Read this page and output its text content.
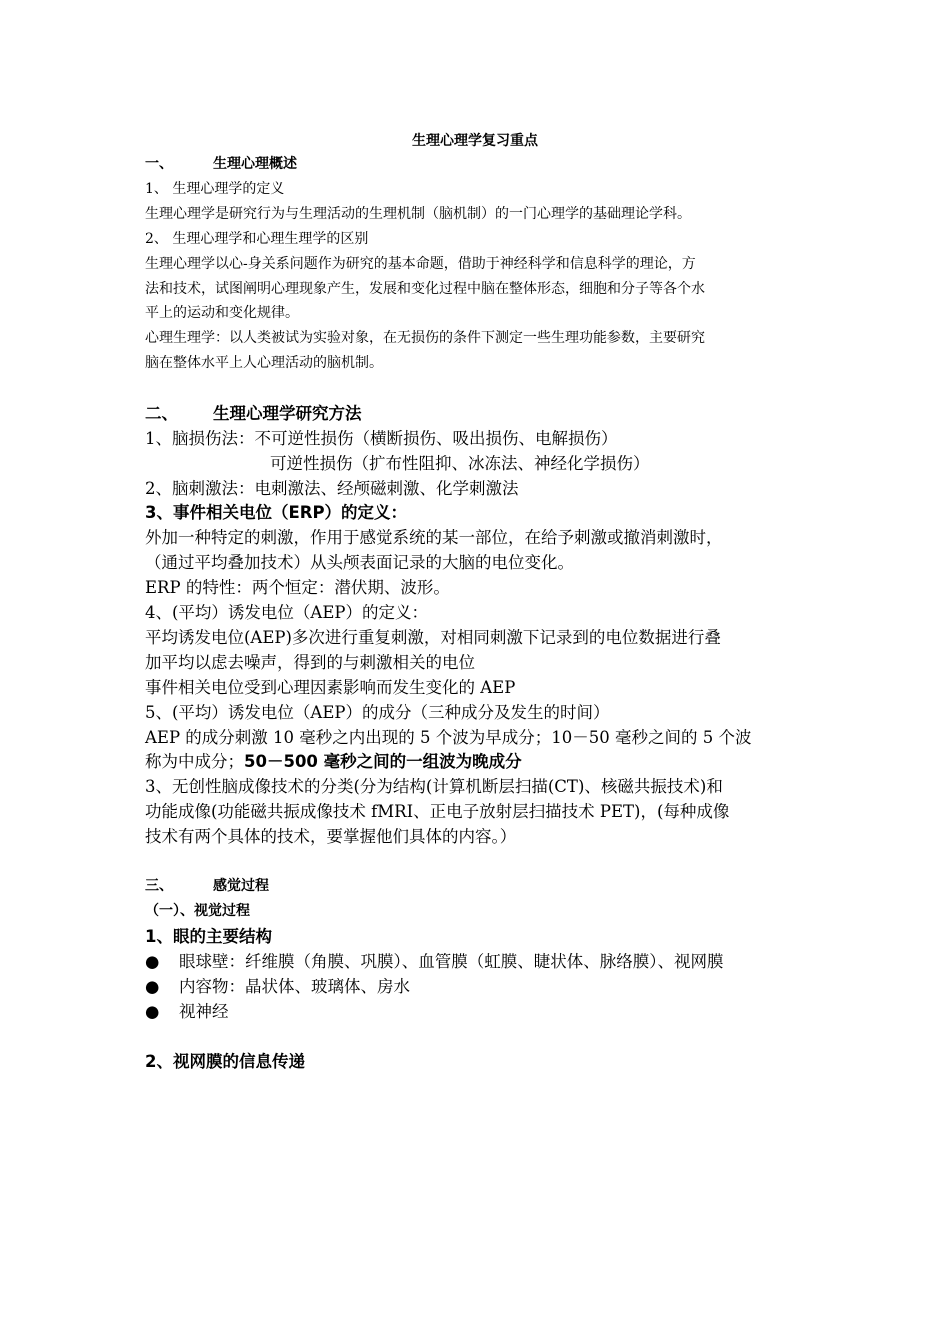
生理心理学复习重点

一、	生理心理概述

1、 生理心理学的定义

生理心理学是研究行为与生理活动的生理机制（脑机制）的一门心理学的基础理论学科。

2、 生理心理学和心理生理学的区别

生理心理学以心-身关系问题作为研究的基本命题，借助于神经科学和信息科学的理论，方

法和技术，试图阐明心理现象产生，发展和变化过程中脑在整体形态，细胞和分子等各个水

平上的运动和变化规律。

心理生理学：以人类被试为实验对象，在无损伤的条件下测定一些生理功能参数，主要研究

脑在整体水平上人心理活动的脑机制。

二、 生理心理学研究方法

1、脑损伤法：不可逆性损伤（横断损伤、吸出损伤、电解损伤）

可逆性损伤（扩布性阻抑、冰冻法、神经化学损伤）

2、脑刺激法：电刺激法、经颅磁刺激、化学刺激法

3、事件相关电位（ERP）的定义：

外加一种特定的刺激，作用于感觉系统的某一部位，在给予刺激或撤消刺激时，

（通过平均叠加技术）从头颅表面记录的大脑的电位变化。

ERP 的特性：两个恒定：潜伏期、波形。

4、(平均）诱发电位（AEP）的定义：

平均诱发电位(AEP)多次进行重复刺激，对相同刺激下记录到的电位数据进行叠

加平均以虑去噪声，得到的与刺激相关的电位

事件相关电位受到心理因素影响而发生变化的 AEP

5、(平均）诱发电位（AEP）的成分（三种成分及发生的时间）

AEP 的成分刺激 10 毫秒之内出现的 5 个波为早成分；10－50 毫秒之间的 5 个波

称为中成分；50－500 毫秒之间的一组波为晚成分

3、无创性脑成像技术的分类(分为结构(计算机断层扫描(CT)、核磁共振技术)和

功能成像(功能磁共振成像技术 fMRI、正电子放射层扫描技术 PET)，(每种成像

技术有两个具体的技术，要掌握他们具体的内容。）

三、	感觉过程

（一）、视觉过程

1、眼的主要结构

● 眼球壁：纤维膜（角膜、巩膜）、血管膜（虹膜、睫状体、脉络膜）、视网膜

● 内容物：晶状体、玻璃体、房水

● 视神经

2、视网膜的信息传递
